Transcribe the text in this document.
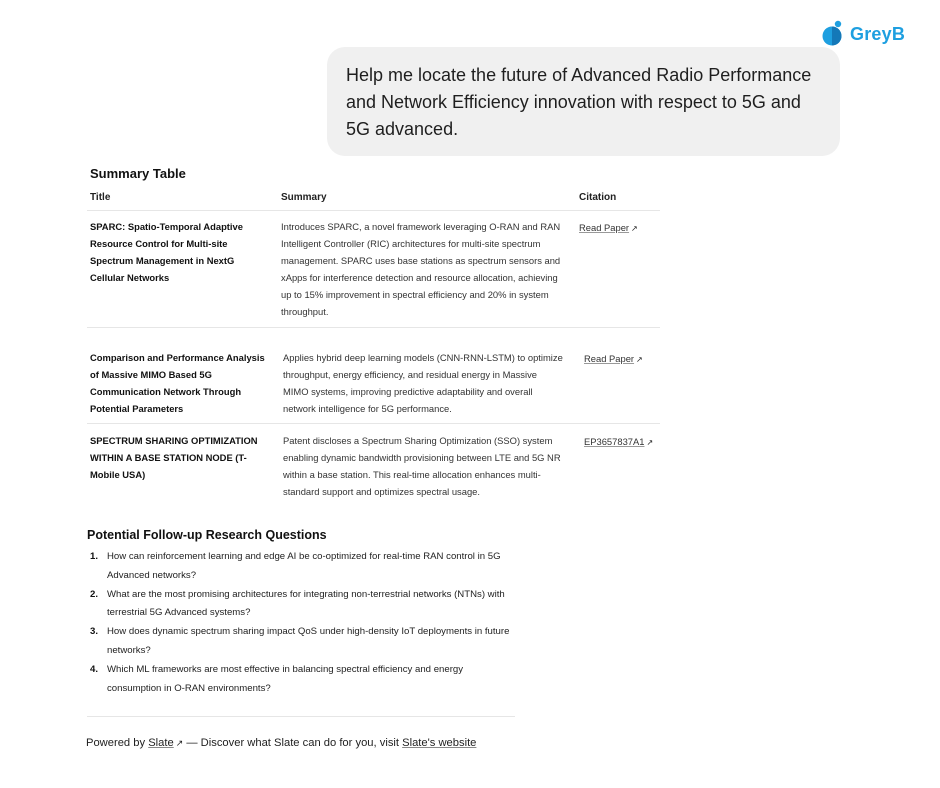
GreyB
Help me locate the future of Advanced Radio Performance and Network Efficiency innovation with respect to 5G and 5G advanced.
Summary Table
Title	Summary	Citation
SPARC: Spatio-Temporal Adaptive Resource Control for Multi-site Spectrum Management in NextG Cellular Networks
Introduces SPARC, a novel framework leveraging O-RAN and RAN Intelligent Controller (RIC) architectures for multi-site spectrum management. SPARC uses base stations as spectrum sensors and xApps for interference detection and resource allocation, achieving up to 15% improvement in spectral efficiency and 20% in system throughput.
Read Paper ↗
Comparison and Performance Analysis of Massive MIMO Based 5G Communication Network Through Potential Parameters
Applies hybrid deep learning models (CNN-RNN-LSTM) to optimize throughput, energy efficiency, and residual energy in Massive MIMO systems, improving predictive adaptability and overall network intelligence for 5G performance.
Read Paper ↗
SPECTRUM SHARING OPTIMIZATION WITHIN A BASE STATION NODE (T-Mobile USA)
Patent discloses a Spectrum Sharing Optimization (SSO) system enabling dynamic bandwidth provisioning between LTE and 5G NR within a base station. This real-time allocation enhances multi-standard support and optimizes spectral usage.
EP3657837A1 ↗
Potential Follow-up Research Questions
1. How can reinforcement learning and edge AI be co-optimized for real-time RAN control in 5G Advanced networks?
2. What are the most promising architectures for integrating non-terrestrial networks (NTNs) with terrestrial 5G Advanced systems?
3. How does dynamic spectrum sharing impact QoS under high-density IoT deployments in future networks?
4. Which ML frameworks are most effective in balancing spectral efficiency and energy consumption in O-RAN environments?
Powered by Slate ↗ — Discover what Slate can do for you, visit Slate's website
